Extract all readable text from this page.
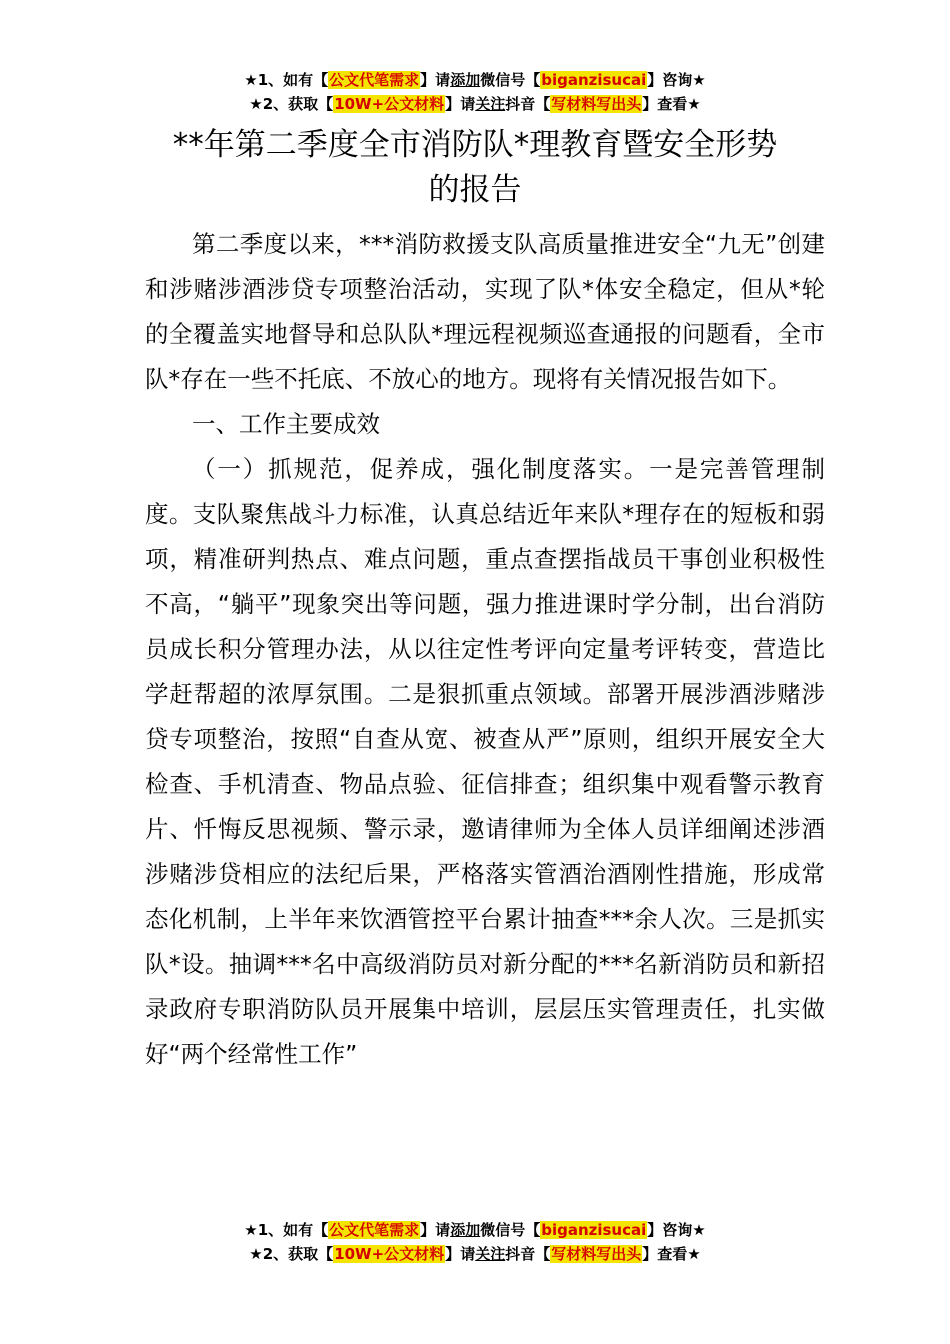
★1、如有【公文代笔需求】请添加微信号【biganzisucai】咨询★
★2、获取【10W+公文材料】请关注抖音【写材料写出头】查看★
**年第二季度全市消防队*理教育暨安全形势
的报告

第二季度以来，***消防救援支队高质量推进安全“九无”创建和涉赌涉酒涉贷专项整治活动，实现了队*体安全稳定，但从*轮的全覆盖实地督导和总队队*理远程视频巡查通报的问题看，全市队*存在一些不托底、不放心的地方。现将有关情况报告如下。

一、工作主要成效

（一）抓规范，促养成，强化制度落实。一是完善管理制度。支队聚焦战斗力标准，认真总结近年来队*理存在的短板和弱项，精准研判热点、难点问题，重点查摆指战员干事创业积极性不高，“躺平”现象突出等问题，强力推进课时学分制，出台消防员成长积分管理办法，从以往定性考评向定量考评转变，营造比学赶帮超的浓厚氛围。二是狠抓重点领域。部署开展涉酒涉赌涉贷专项整治，按照“自查从宽、被查从严”原则，组织开展安全大检查、手机清查、物品点验、征信排查；组织集中观看警示教育片、忏悔反思视频、警示录，邀请律师为全体人员详细阐述涉酒涉赌涉贷相应的法纪后果，严格落实管酒治酒刚性措施，形成常态化机制，上半年来饮酒管控平台累计抽查***余人次。三是抓实队*设。抽调***名中高级消防员对新分配的***名新消防员和新招录政府专职消防队员开展集中培训，层层压实管理责任，扎实做好“两个经常性工作”

★1、如有【公文代笔需求】请添加微信号【biganzisucai】咨询★
★2、获取【10W+公文材料】请关注抖音【写材料写出头】查看★
